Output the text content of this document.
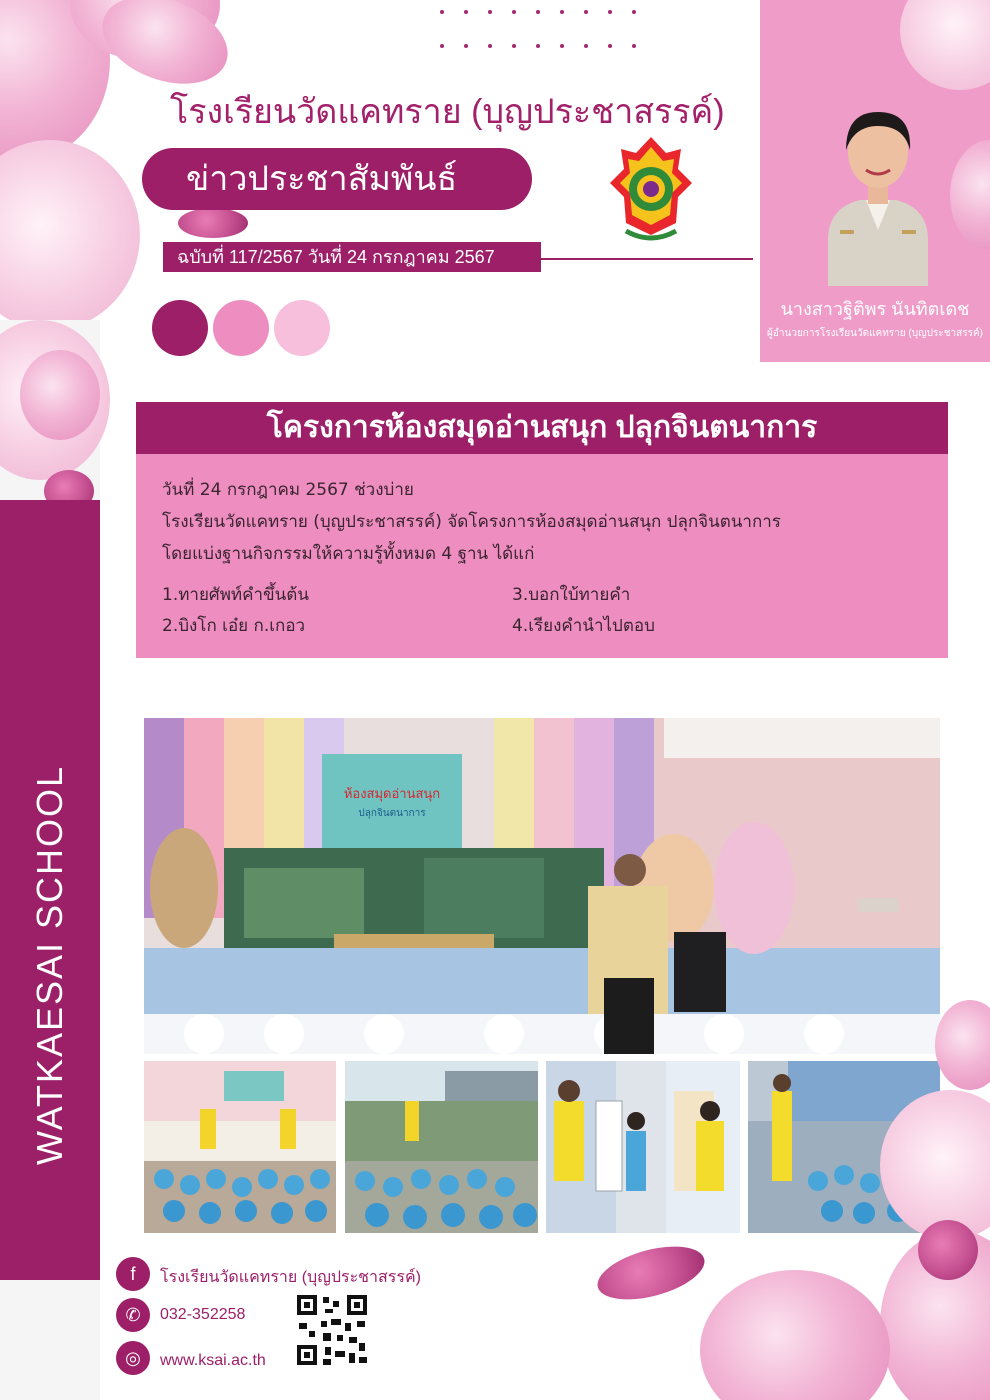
WATKAESAI SCHOOL
โรงเรียนวัดแคทราย (บุญประชาสรรค์)
ข่าวประชาสัมพันธ์
ฉบับที่ 117/2567 วันที่ 24 กรกฎาคม 2567
นางสาวฐิติพร นันทิตเดช
ผู้อำนวยการโรงเรียนวัดแคทราย (บุญประชาสรรค์)
โครงการห้องสมุดอ่านสนุก ปลุกจินตนาการ
วันที่ 24 กรกฎาคม 2567 ช่วงบ่าย
โรงเรียนวัดแคทราย (บุญประชาสรรค์) จัดโครงการห้องสมุดอ่านสนุก ปลุกจินตนาการ
โดยแบ่งฐานกิจกรรมให้ความรู้ทั้งหมด 4 ฐาน ได้แก่
1.ทายศัพท์คำขึ้นต้น
2.บิงโก เอ๋ย ก.เกอว
3.บอกใบ้ทายคำ
4.เรียงคำนำไปตอบ
ห้องสมุดอ่านสนุก
ปลุกจินตนาการ
f	โรงเรียนวัดแคทราย (บุญประชาสรรค์)
✆	032-352258
◎	www.ksai.ac.th
